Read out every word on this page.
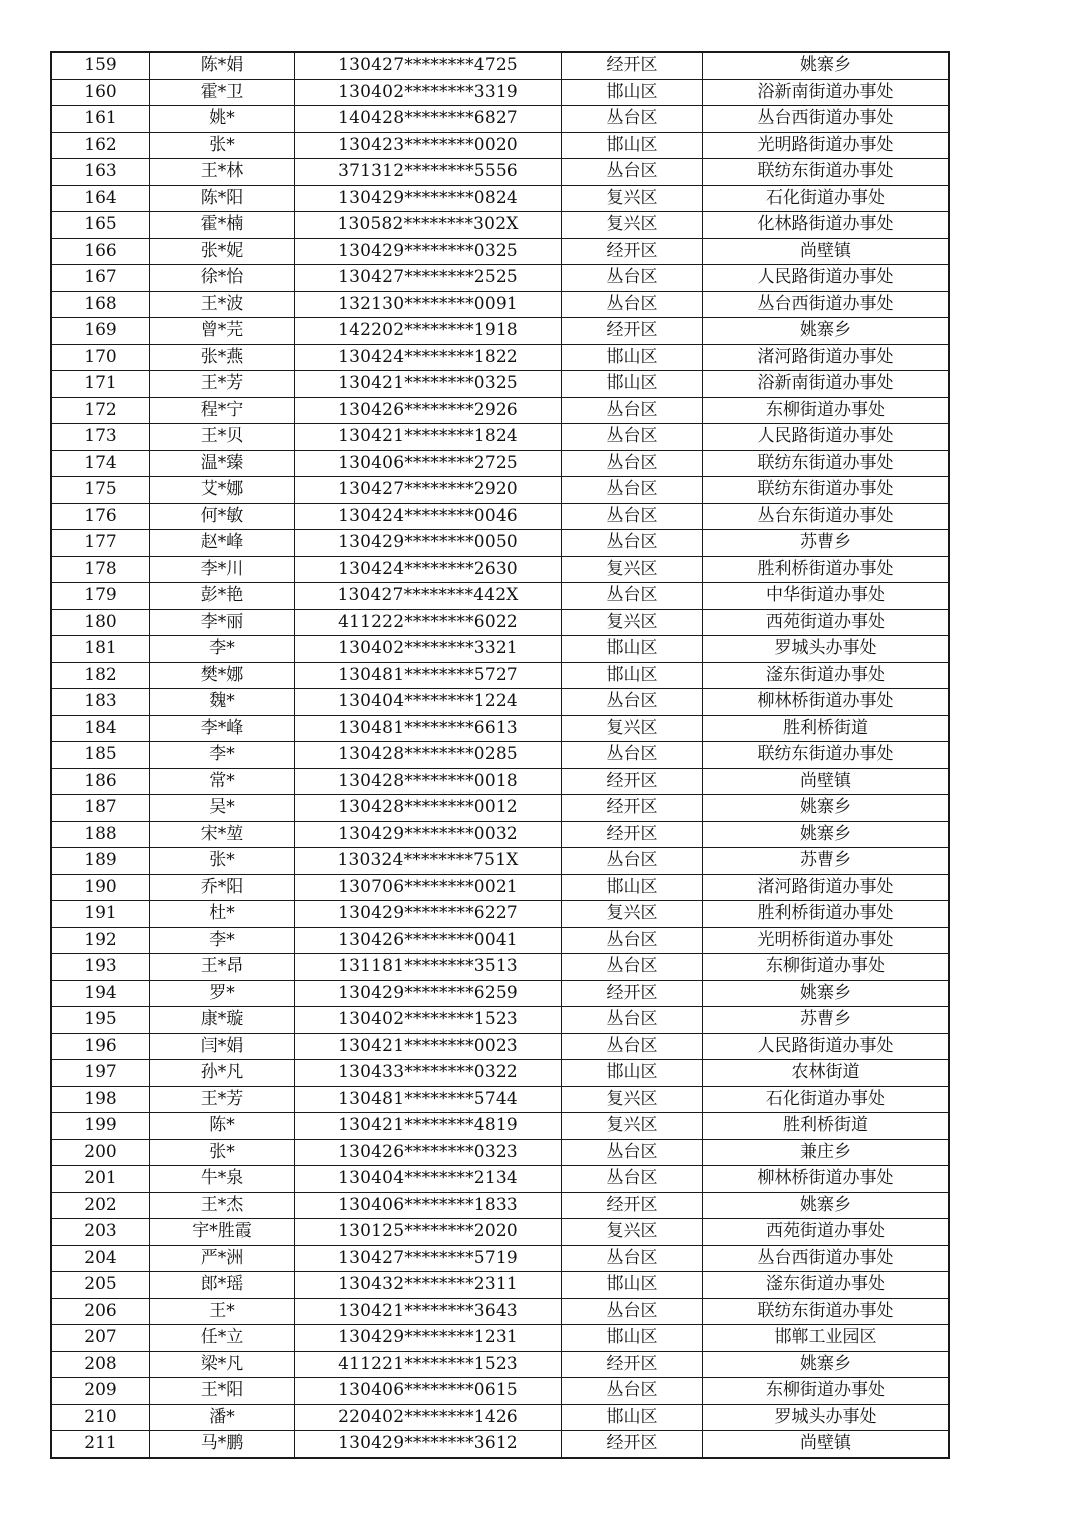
159	陈*娟	130427********4725	经开区	姚寨乡
160	霍*卫	130402********3319	邯山区	浴新南街道办事处
161	姚*	140428********6827	丛台区	丛台西街道办事处
162	张*	130423********0020	邯山区	光明路街道办事处
163	王*林	371312********5556	丛台区	联纺东街道办事处
164	陈*阳	130429********0824	复兴区	石化街道办事处
165	霍*楠	130582********302X	复兴区	化林路街道办事处
166	张*妮	130429********0325	经开区	尚壁镇
167	徐*怡	130427********2525	丛台区	人民路街道办事处
168	王*波	132130********0091	丛台区	丛台西街道办事处
169	曾*芫	142202********1918	经开区	姚寨乡
170	张*燕	130424********1822	邯山区	渚河路街道办事处
171	王*芳	130421********0325	邯山区	浴新南街道办事处
172	程*宁	130426********2926	丛台区	东柳街道办事处
173	王*贝	130421********1824	丛台区	人民路街道办事处
174	温*臻	130406********2725	丛台区	联纺东街道办事处
175	艾*娜	130427********2920	丛台区	联纺东街道办事处
176	何*敏	130424********0046	丛台区	丛台东街道办事处
177	赵*峰	130429********0050	丛台区	苏曹乡
178	李*川	130424********2630	复兴区	胜利桥街道办事处
179	彭*艳	130427********442X	丛台区	中华街道办事处
180	李*丽	411222********6022	复兴区	西苑街道办事处
181	李*	130402********3321	邯山区	罗城头办事处
182	樊*娜	130481********5727	邯山区	滏东街道办事处
183	魏*	130404********1224	丛台区	柳林桥街道办事处
184	李*峰	130481********6613	复兴区	胜利桥街道
185	李*	130428********0285	丛台区	联纺东街道办事处
186	常*	130428********0018	经开区	尚壁镇
187	吴*	130428********0012	经开区	姚寨乡
188	宋*堃	130429********0032	经开区	姚寨乡
189	张*	130324********751X	丛台区	苏曹乡
190	乔*阳	130706********0021	邯山区	渚河路街道办事处
191	杜*	130429********6227	复兴区	胜利桥街道办事处
192	李*	130426********0041	丛台区	光明桥街道办事处
193	王*昂	131181********3513	丛台区	东柳街道办事处
194	罗*	130429********6259	经开区	姚寨乡
195	康*璇	130402********1523	丛台区	苏曹乡
196	闫*娟	130421********0023	丛台区	人民路街道办事处
197	孙*凡	130433********0322	邯山区	农林街道
198	王*芳	130481********5744	复兴区	石化街道办事处
199	陈*	130421********4819	复兴区	胜利桥街道
200	张*	130426********0323	丛台区	兼庄乡
201	牛*泉	130404********2134	丛台区	柳林桥街道办事处
202	王*杰	130406********1833	经开区	姚寨乡
203	宇*胜霞	130125********2020	复兴区	西苑街道办事处
204	严*洲	130427********5719	丛台区	丛台西街道办事处
205	郎*瑶	130432********2311	邯山区	滏东街道办事处
206	王*	130421********3643	丛台区	联纺东街道办事处
207	任*立	130429********1231	邯山区	邯郸工业园区
208	梁*凡	411221********1523	经开区	姚寨乡
209	王*阳	130406********0615	丛台区	东柳街道办事处
210	潘*	220402********1426	邯山区	罗城头办事处
211	马*鹏	130429********3612	经开区	尚壁镇
